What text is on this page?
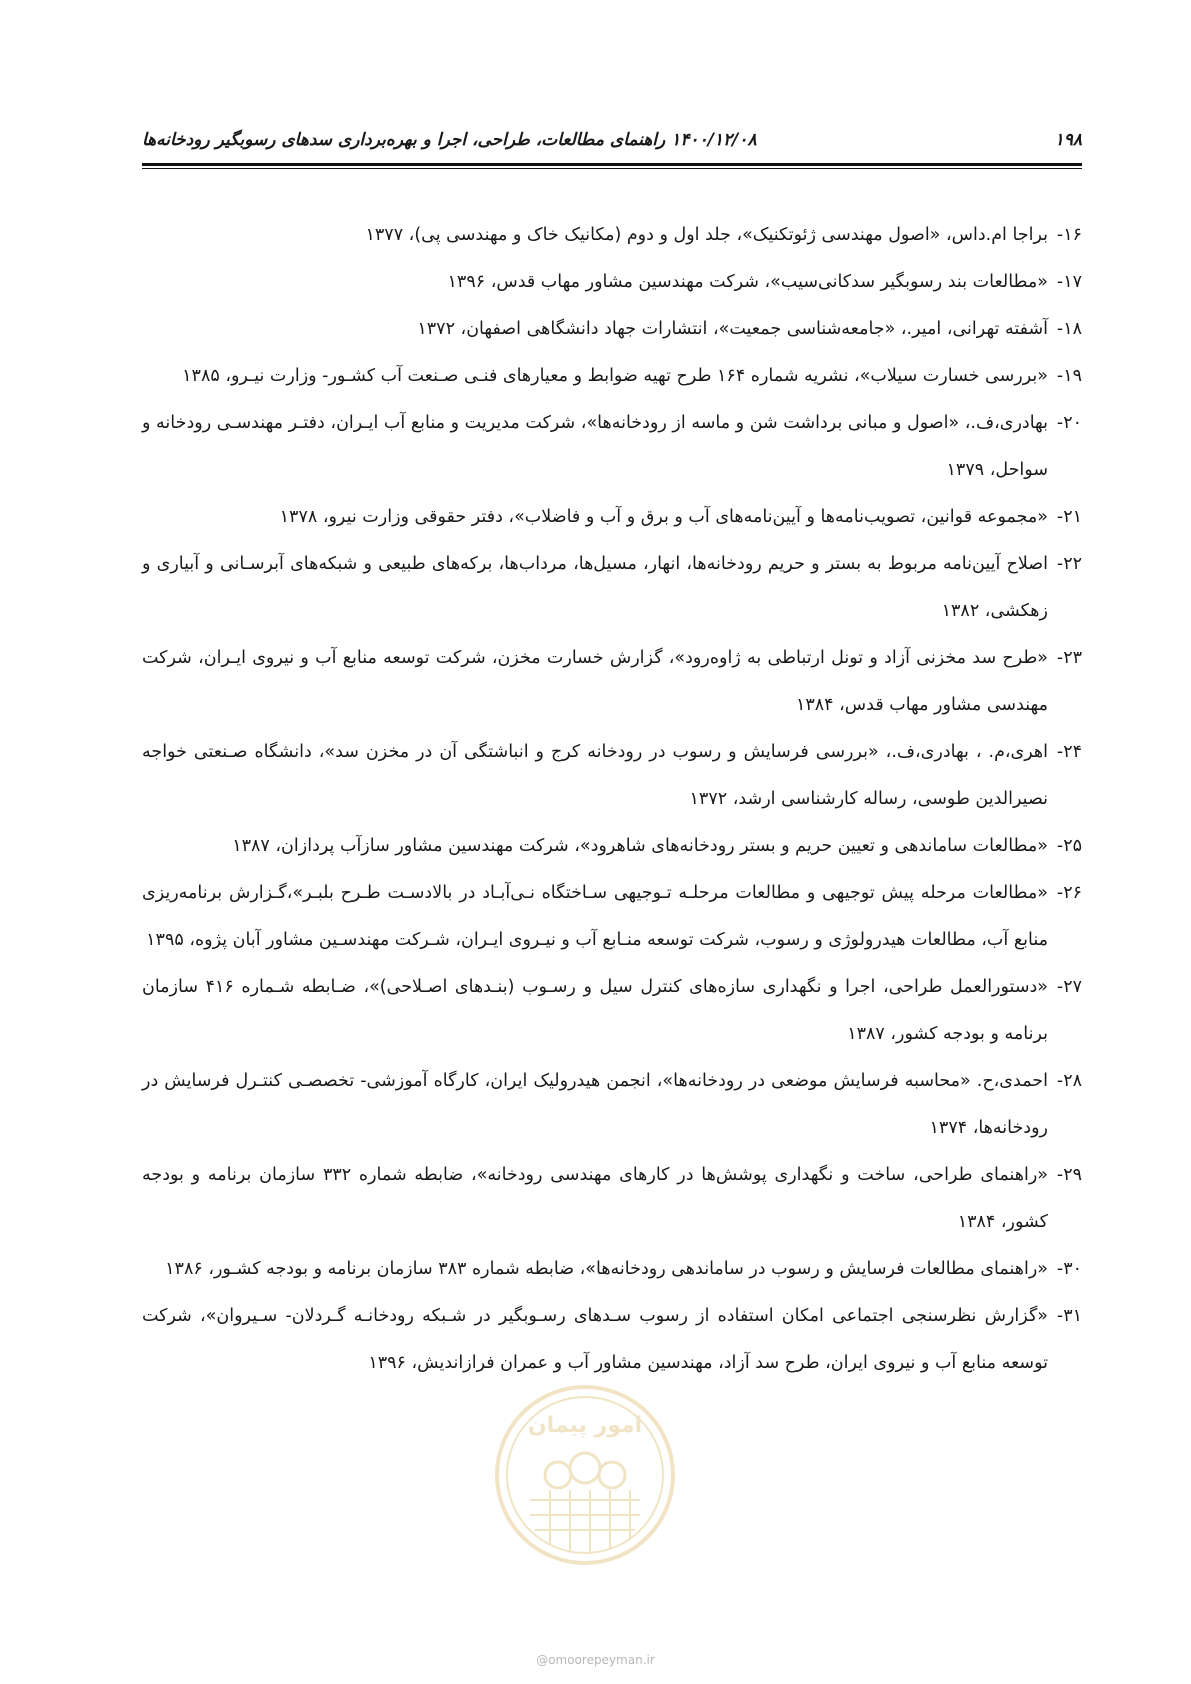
۱۹۸
۱۴۰۰/۱۲/۰۸ راهنمای مطالعات، طراحی، اجرا و بهره‌برداری سدهای رسوبگیر رودخانه‌ها
۱۶-
براجا ام.داس، «اصول مهندسی ژئوتکنیک»، جلد اول و دوم (مکانیک خاک و مهندسی پی)، ۱۳۷۷
۱۷-
«مطالعات بند رسوبگیر سدکانی‌سیب»، شرکت مهندسین مشاور مهاب قدس، ۱۳۹۶
۱۸-
آشفته تهرانی، امیر.، «جامعه‌شناسی جمعیت»، انتشارات جهاد دانشگاهی اصفهان، ۱۳۷۲
۱۹-
«بررسی خسارت سیلاب»، نشریه شماره ۱۶۴ طرح تهیه ضوابط و معیارهای فنـی صـنعت آب کشـور- وزارت نیـرو، ۱۳۸۵
۲۰-
بهادری،ف.، «اصول و مبانی برداشت شن و ماسه از رودخانه‌ها»، شرکت مدیریت و منابع آب ایـران، دفتـر مهندسـی رودخانه و سواحل، ۱۳۷۹
۲۱-
«مجموعه قوانین، تصویب‌نامه‌ها و آیین‌نامه‌های آب و برق و آب و فاضلاب»، دفتر حقوقی وزارت نیرو، ۱۳۷۸
۲۲-
اصلاح آیین‌نامه مربوط به بستر و حریم رودخانه‌ها، انهار، مسیل‌ها، مرداب‌ها، برکه‌های طبیعی و شبکه‌های آبرسـانی و آبیاری و زهکشی، ۱۳۸۲
۲۳-
«طرح سد مخزنی آزاد و تونل ارتباطی به ژاوه‌رود»، گزارش خسارت مخزن، شرکت توسعه منابع آب و نیروی ایـران، شرکت مهندسی مشاور مهاب قدس، ۱۳۸۴
۲۴-
اهری،م. ، بهادری،ف.، «بررسی فرسایش و رسوب در رودخانه کرج و انباشتگی آن در مخزن سد»، دانشگاه صـنعتی خواجه نصیرالدین طوسی، رساله کارشناسی ارشد، ۱۳۷۲
۲۵-
«مطالعات ساماندهی و تعیین حریم و بستر رودخانه‌های شاهرود»، شرکت مهندسین مشاور سازآب پردازان، ۱۳۸۷
۲۶-
«مطالعات مرحله پیش توجیهی و مطالعات مرحلـه تـوجیهی سـاختگاه نـی‌آبـاد در بالادسـت طـرح بلبـر»،گـزارش برنامه‌ریزی منابع آب، مطالعات هیدرولوژی و رسوب، شرکت توسعه منـابع آب و نیـروی ایـران، شـرکت مهندسـین مشاور آبان پژوه، ۱۳۹۵
۲۷-
«دستورالعمل طراحی، اجرا و نگهداری سازه‌های کنترل سیل و رسـوب (بنـدهای اصـلاحی)»، ضـابطه شـماره ۴۱۶ سازمان برنامه و بودجه کشور، ۱۳۸۷
۲۸-
احمدی،ح. «محاسبه فرسایش موضعی در رودخانه‌ها»، انجمن هیدرولیک ایران، کارگاه آموزشی- تخصصـی کنتـرل فرسایش در رودخانه‌ها، ۱۳۷۴
۲۹-
«راهنمای طراحی، ساخت و نگهداری پوشش‌ها در کارهای مهندسی رودخانه»، ضابطه شماره ۳۳۲ سازمان برنامه و بودجه کشور، ۱۳۸۴
۳۰-
«راهنمای مطالعات فرسایش و رسوب در ساماندهی رودخانه‌ها»، ضابطه شماره ۳۸۳ سازمان برنامه و بودجه کشـور، ۱۳۸۶
۳۱-
«گزارش نظرسنجی اجتماعی امکان استفاده از رسوب سـدهای رسـوبگیر در شـبکه رودخانـه گـردلان- سـیروان»، شرکت توسعه منابع آب و نیروی ایران، طرح سد آزاد، مهندسین مشاور آب و عمران فرازاندیش، ۱۳۹۶
امور پیمان
@omoorepeyman.ir
